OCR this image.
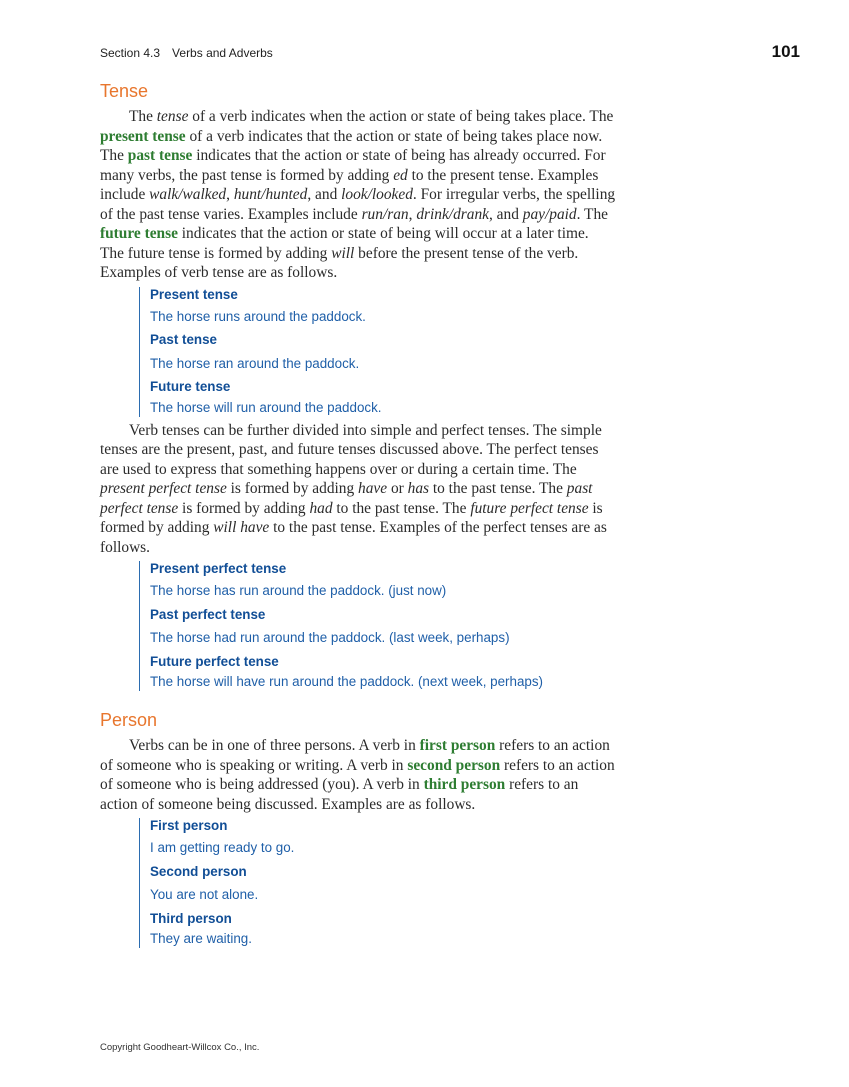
Section 4.3 Verbs and Adverbs	101
Tense

The tense of a verb indicates when the action or state of being takes place. The present tense of a verb indicates that the action or state of being takes place now. The past tense indicates that the action or state of being has already occurred. For many verbs, the past tense is formed by adding ed to the present tense. Examples include walk/walked, hunt/hunted, and look/looked. For irregular verbs, the spelling of the past tense varies. Examples include run/ran, drink/drank, and pay/paid. The future tense indicates that the action or state of being will occur at a later time. The future tense is formed by adding will before the present tense of the verb. Examples of verb tense are as follows.

Present tense
The horse runs around the paddock.
Past tense
The horse ran around the paddock.
Future tense
The horse will run around the paddock.

Verb tenses can be further divided into simple and perfect tenses. The simple tenses are the present, past, and future tenses discussed above. The perfect tenses are used to express that something happens over or during a certain time. The present perfect tense is formed by adding have or has to the past tense. The past perfect tense is formed by adding had to the past tense. The future perfect tense is formed by adding will have to the past tense. Examples of the perfect tenses are as follows.

Present perfect tense
The horse has run around the paddock. (just now)
Past perfect tense
The horse had run around the paddock. (last week, perhaps)
Future perfect tense
The horse will have run around the paddock. (next week, perhaps)
Person

Verbs can be in one of three persons. A verb in first person refers to an action of someone who is speaking or writing. A verb in second person refers to an action of someone who is being addressed (you). A verb in third person refers to an action of someone being discussed. Examples are as follows.

First person
I am getting ready to go.
Second person
You are not alone.
Third person
They are waiting.
Copyright Goodheart-Willcox Co., Inc.
